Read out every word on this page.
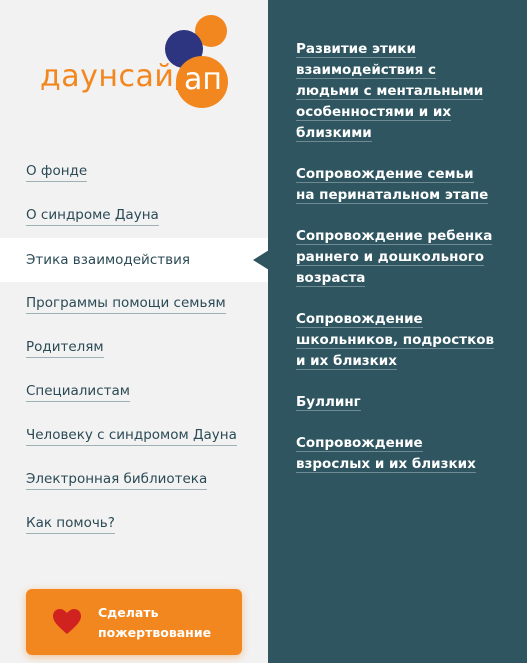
даунсайд
ап
О фонде
О синдроме Дауна
Этика взаимодействия
Программы помощи семьям
Родителям
Специалистам
Человеку с синдромом Дауна
Электронная библиотека
Как помочь?
Сделать пожертвование
Развитие этики взаимодействия с людьми с ментальными особенностями и их близкими
Сопровождение семьи на перинатальном этапе
Сопровождение ребенка раннего и дошкольного возраста
Сопровождение школьников, подростков и их близких
Буллинг
Сопровождение взрослых и их близких
